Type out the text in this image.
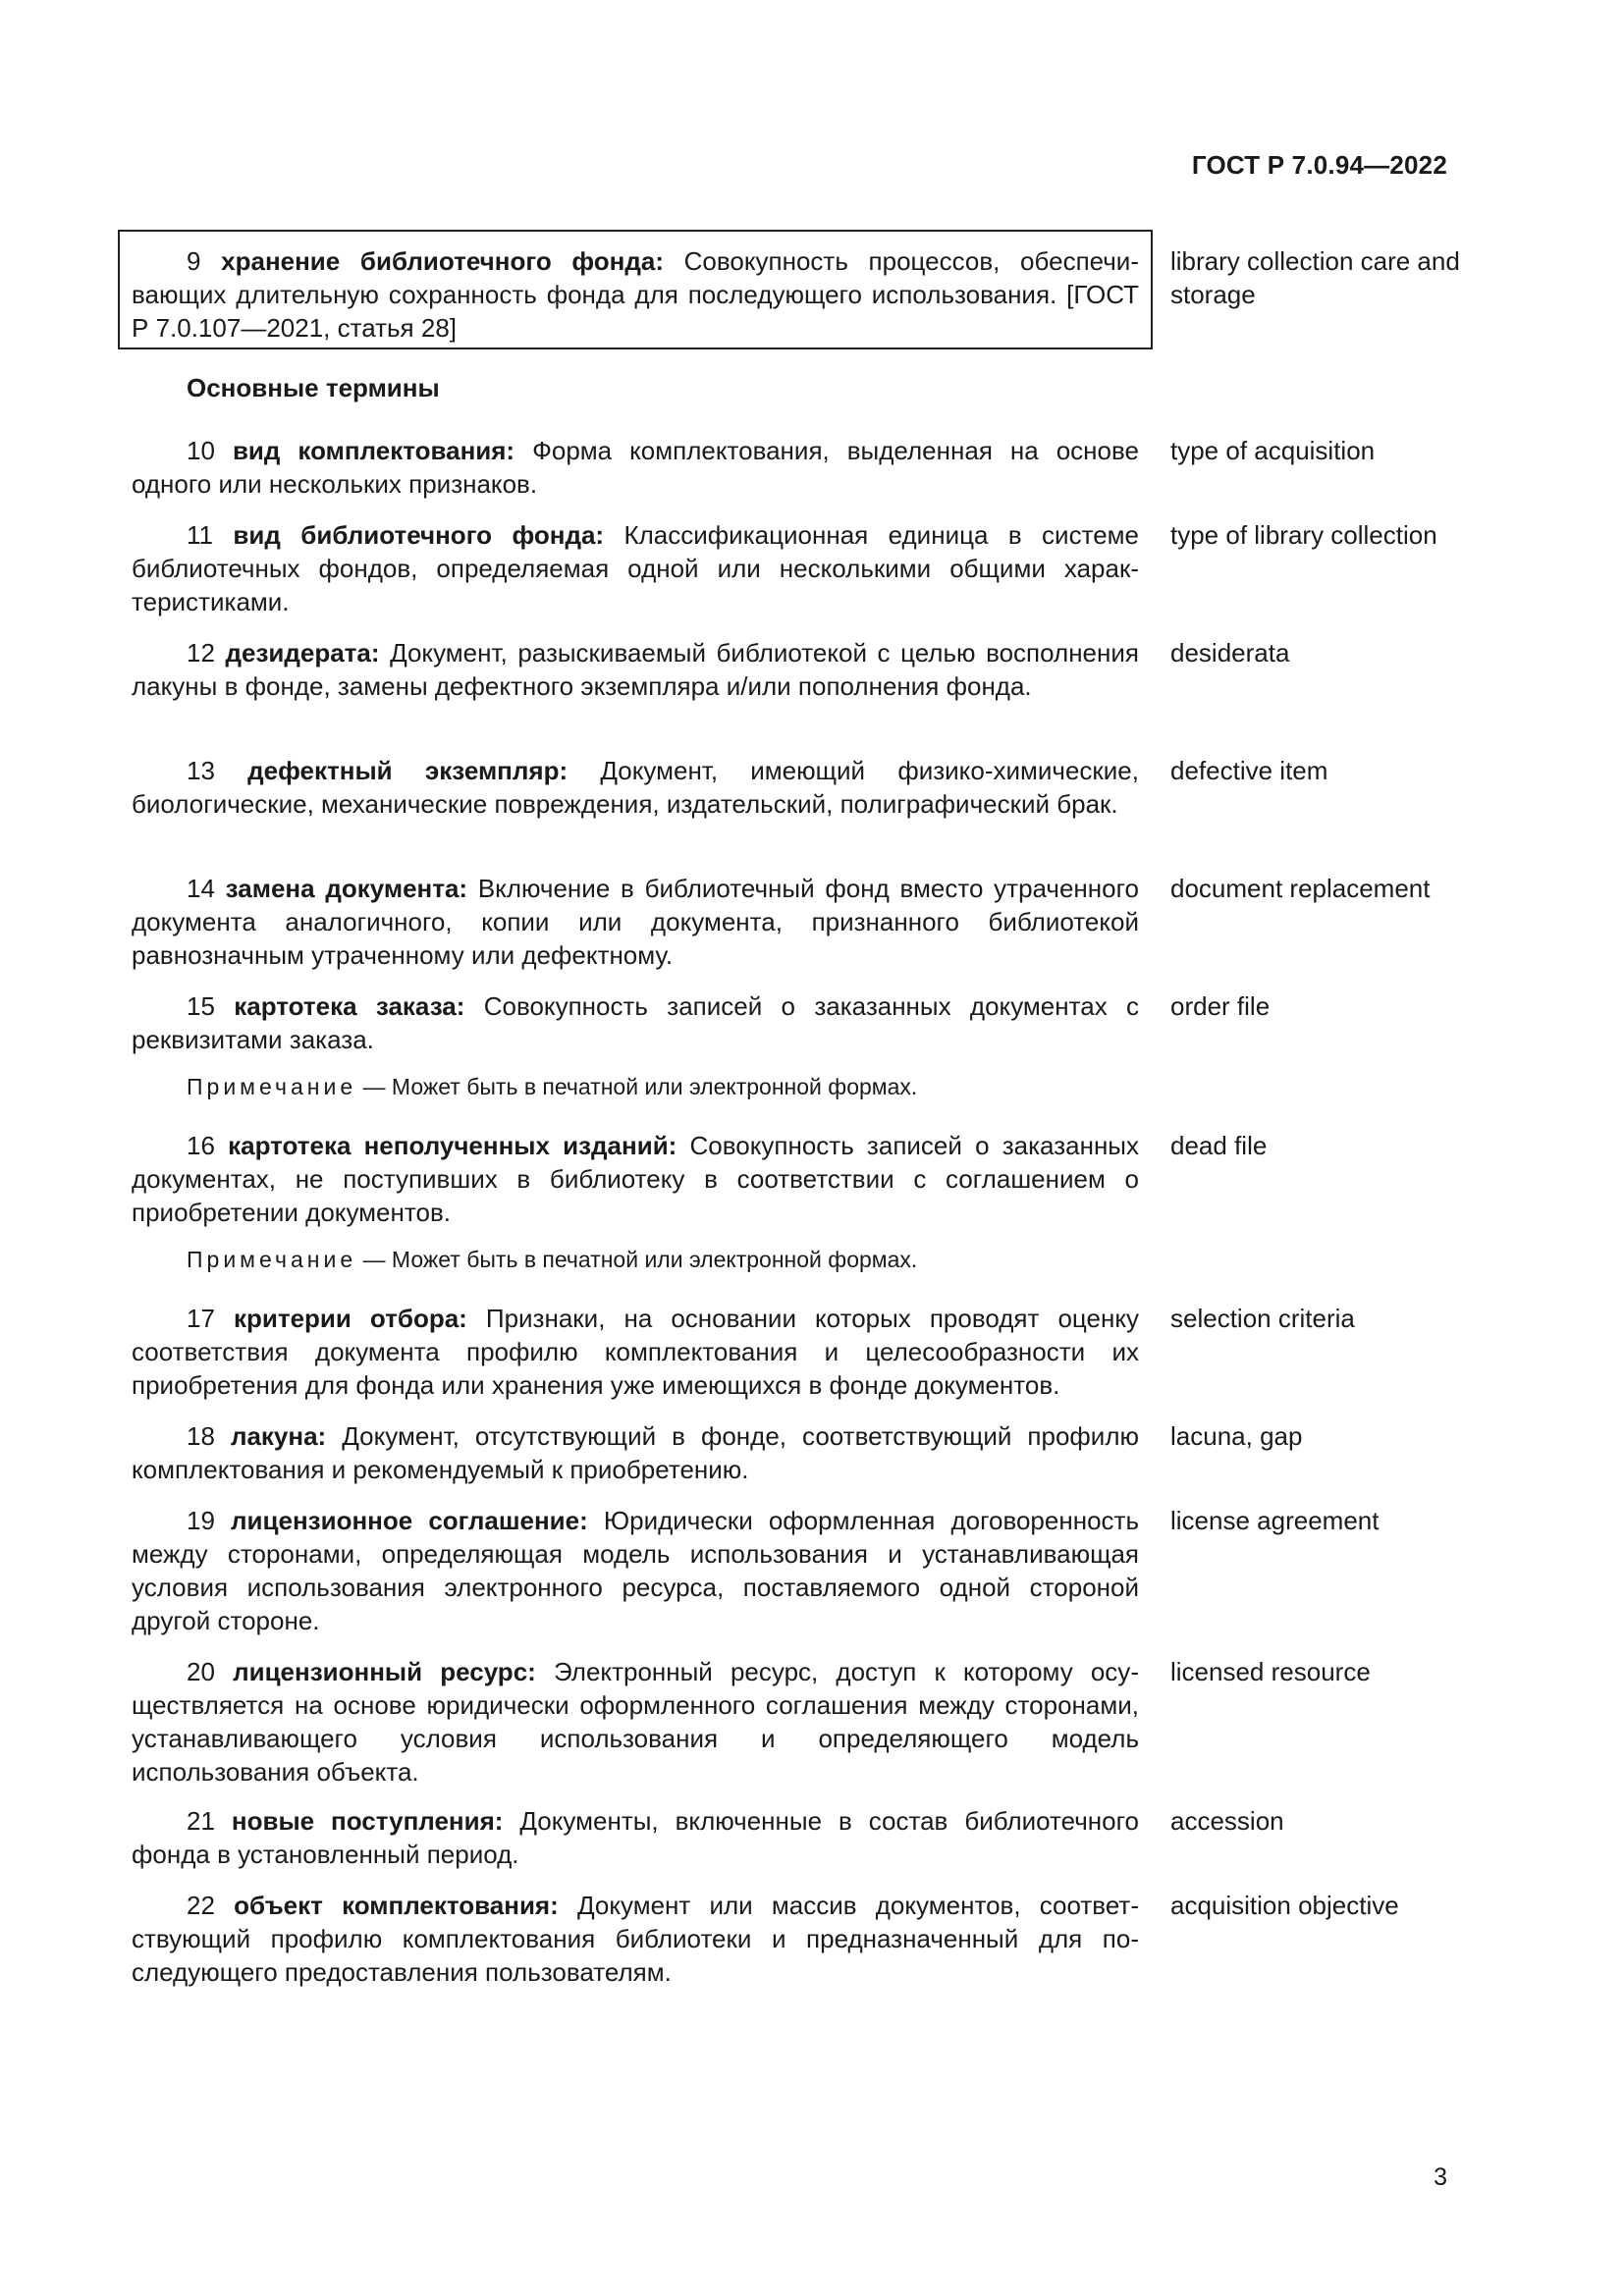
ГОСТ Р 7.0.94—2022
9 хранение библиотечного фонда: Совокупность процессов, обеспечивающих длительную сохранность фонда для последующего использования. [ГОСТ Р 7.0.107—2021, статья 28]
library collection care and storage
Основные термины
10 вид комплектования: Форма комплектования, выделенная на основе одного или нескольких признаков.
type of acquisition
11 вид библиотечного фонда: Классификационная единица в системе библиотечных фондов, определяемая одной или несколькими общими характеристиками.
type of library collection
12 дезидерата: Документ, разыскиваемый библиотекой с целью восполнения лакуны в фонде, замены дефектного экземпляра и/или пополнения фонда.
desiderata
13 дефектный экземпляр: Документ, имеющий физико-химические, биологические, механические повреждения, издательский, полиграфический брак.
defective item
14 замена документа: Включение в библиотечный фонд вместо утраченного документа аналогичного, копии или документа, признанного библиотекой равнозначным утраченному или дефектному.
document replacement
15 картотека заказа: Совокупность записей о заказанных документах с реквизитами заказа.
order file
Примечание — Может быть в печатной или электронной формах.
16 картотека неполученных изданий: Совокупность записей о заказанных документах, не поступивших в библиотеку в соответствии с соглашением о приобретении документов.
dead file
Примечание — Может быть в печатной или электронной формах.
17 критерии отбора: Признаки, на основании которых проводят оценку соответствия документа профилю комплектования и целесообразности их приобретения для фонда или хранения уже имеющихся в фонде документов.
selection criteria
18 лакуна: Документ, отсутствующий в фонде, соответствующий профилю комплектования и рекомендуемый к приобретению.
lacuna, gap
19 лицензионное соглашение: Юридически оформленная договоренность между сторонами, определяющая модель использования и устанавливающая условия использования электронного ресурса, поставляемого одной стороной другой стороне.
license agreement
20 лицензионный ресурс: Электронный ресурс, доступ к которому осуществляется на основе юридически оформленного соглашения между сторонами, устанавливающего условия использования и определяющего модель использования объекта.
licensed resource
21 новые поступления: Документы, включенные в состав библиотечного фонда в установленный период.
accession
22 объект комплектования: Документ или массив документов, соответствующий профилю комплектования библиотеки и предназначенный для последующего предоставления пользователям.
acquisition objective
3
